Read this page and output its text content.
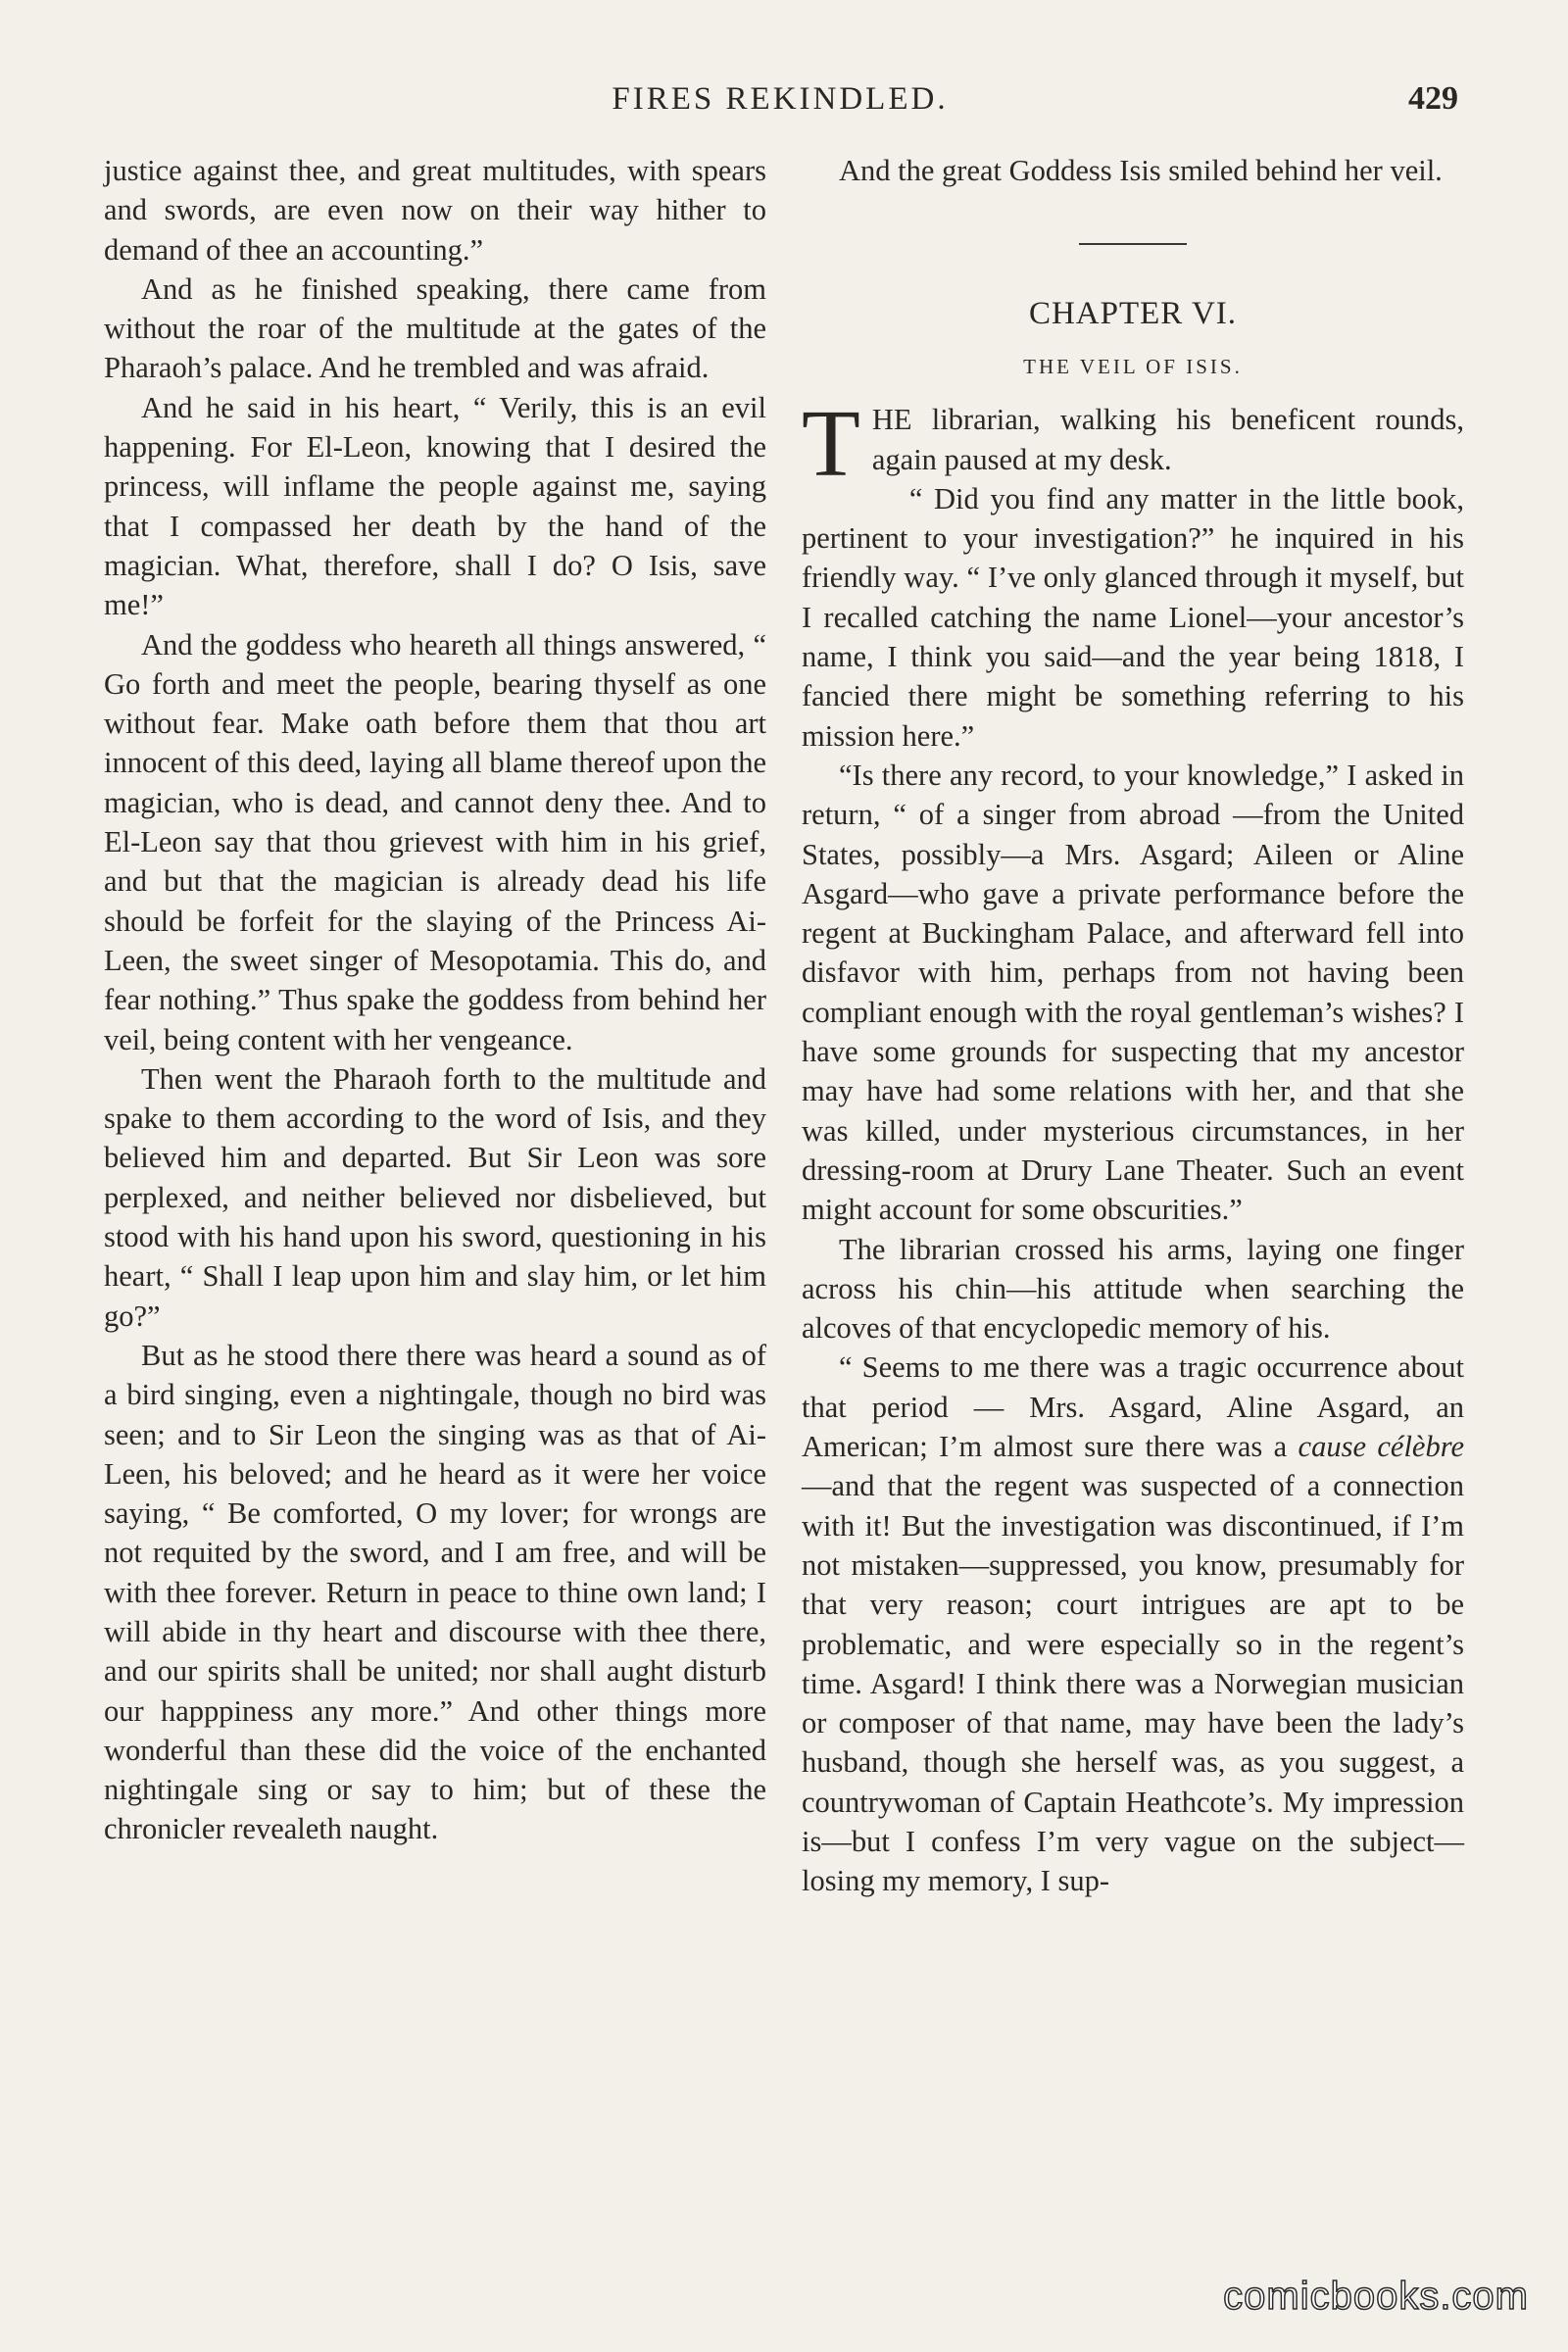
FIRES REKINDLED.	429

justice against thee, and great multitudes, with spears and swords, are even now on their way hither to demand of thee an accounting.”

And as he finished speaking, there came from without the roar of the multitude at the gates of the Pharaoh’s palace. And he trembled and was afraid.

And he said in his heart, “ Verily, this is an evil happening. For El-Leon, knowing that I desired the princess, will inflame the people against me, saying that I compassed her death by the hand of the magician. What, therefore, shall I do? O Isis, save me!”

And the goddess who heareth all things answered, “ Go forth and meet the people, bearing thyself as one without fear. Make oath before them that thou art innocent of this deed, laying all blame thereof upon the magician, who is dead, and cannot deny thee. And to El-Leon say that thou grievest with him in his grief, and but that the magician is already dead his life should be forfeit for the slaying of the Princess Ai-Leen, the sweet singer of Mesopotamia. This do, and fear nothing.” Thus spake the goddess from behind her veil, being content with her vengeance.

Then went the Pharaoh forth to the multitude and spake to them according to the word of Isis, and they believed him and departed. But Sir Leon was sore perplexed, and neither believed nor disbelieved, but stood with his hand upon his sword, questioning in his heart, “ Shall I leap upon him and slay him, or let him go?”

But as he stood there there was heard a sound as of a bird singing, even a nightingale, though no bird was seen; and to Sir Leon the singing was as that of Ai-Leen, his beloved; and he heard as it were her voice saying, “ Be comforted, O my lover; for wrongs are not requited by the sword, and I am free, and will be with thee forever. Return in peace to thine own land; I will abide in thy heart and discourse with thee there, and our spirits shall be united; nor shall aught disturb our happpiness any more.” And other things more wonderful than these did the voice of the enchanted nightingale sing or say to him; but of these the chronicler revealeth naught.

And the great Goddess Isis smiled behind her veil.

CHAPTER VI.
THE VEIL OF ISIS.

THE librarian, walking his beneficent rounds, again paused at my desk.

“ Did you find any matter in the little book, pertinent to your investigation?” he inquired in his friendly way. “ I’ve only glanced through it myself, but I recalled catching the name Lionel—your ancestor’s name, I think you said—and the year being 1818, I fancied there might be something referring to his mission here.”

“Is there any record, to your knowledge,” I asked in return, “ of a singer from abroad —from the United States, possibly—a Mrs. Asgard; Aileen or Aline Asgard—who gave a private performance before the regent at Buckingham Palace, and afterward fell into disfavor with him, perhaps from not having been compliant enough with the royal gentleman’s wishes? I have some grounds for suspecting that my ancestor may have had some relations with her, and that she was killed, under mysterious circumstances, in her dressing-room at Drury Lane Theater. Such an event might account for some obscurities.”

The librarian crossed his arms, laying one finger across his chin—his attitude when searching the alcoves of that encyclopedic memory of his.

“ Seems to me there was a tragic occurrence about that period — Mrs. Asgard, Aline Asgard, an American; I’m almost sure there was a cause célèbre—and that the regent was suspected of a connection with it! But the investigation was discontinued, if I’m not mistaken—suppressed, you know, presumably for that very reason; court intrigues are apt to be problematic, and were especially so in the regent’s time. Asgard! I think there was a Norwegian musician or composer of that name, may have been the lady’s husband, though she herself was, as you suggest, a countrywoman of Captain Heathcote’s. My impression is—but I confess I’m very vague on the subject—losing my memory, I sup-

comicbooks.com
